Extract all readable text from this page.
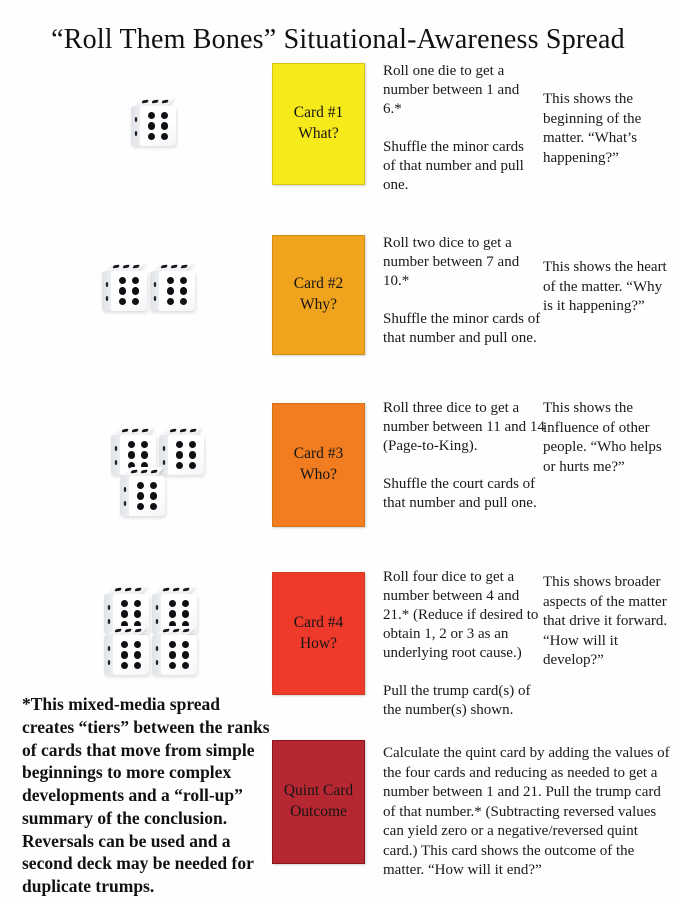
“Roll Them Bones” Situational-Awareness Spread
Card #1
What?

Roll one die to get a number between 1 and 6.*

Shuffle the minor cards of that number and pull one.

This shows the beginning of the matter. “What’s happening?”
Card #2
Why?

Roll two dice to get a number between 7 and 10.*

Shuffle the minor cards of that number and pull one.

This shows the heart of the matter. “Why is it happening?”
Card #3
Who?

Roll three dice to get a number between 11 and 14 (Page-to-King).

Shuffle the court cards of that number and pull one.

This shows the influence of other people. “Who helps or hurts me?”
Card #4
How?

Roll four dice to get a number between 4 and 21.* (Reduce if desired to obtain 1, 2 or 3 as an underlying root cause.)

Pull the trump card(s) of the number(s) shown.

This shows broader aspects of the matter that drive it forward. “How will it develop?”
*This mixed-media spread creates “tiers” between the ranks of cards that move from simple beginnings to more complex developments and a “roll-up” summary of the conclusion. Reversals can be used and a second deck may be needed for duplicate trumps.
Quint Card
Outcome
Calculate the quint card by adding the values of the four cards and reducing as needed to get a number between 1 and 21. Pull the trump card of that number.* (Subtracting reversed values can yield zero or a negative/reversed quint card.) This card shows the outcome of the matter. “How will it end?”
